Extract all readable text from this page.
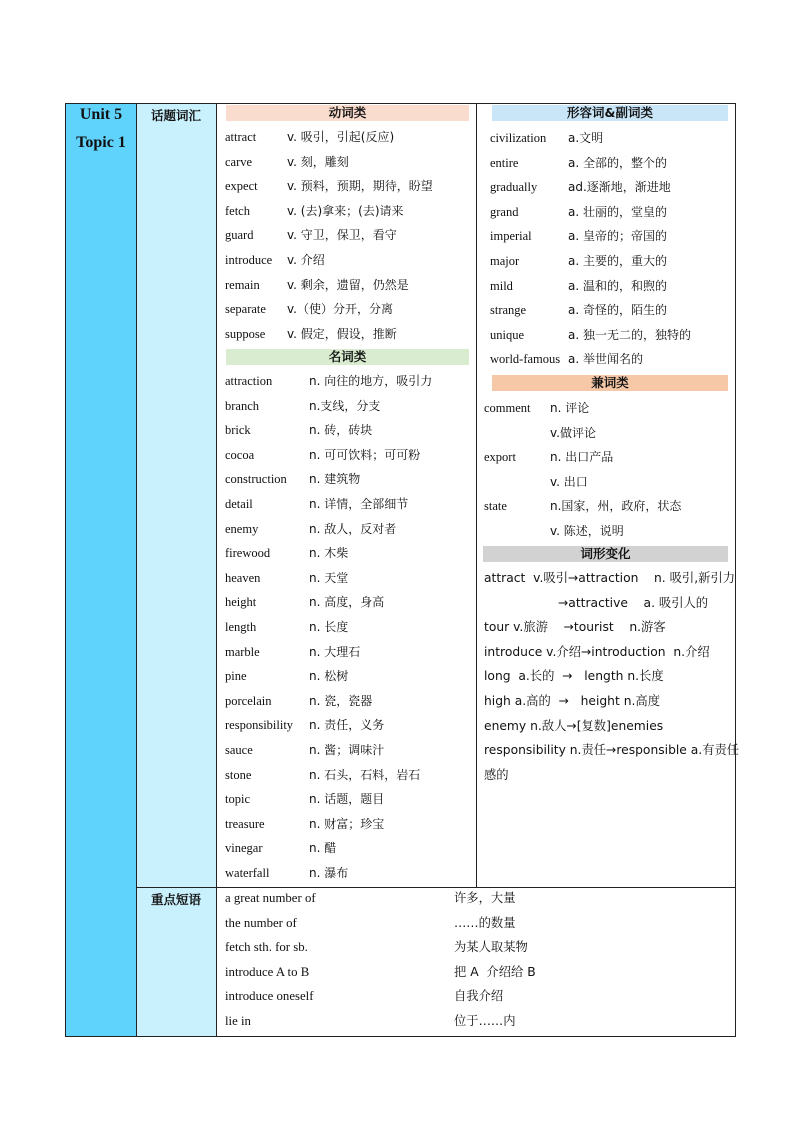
Unit 5
Topic 1
话题词汇
重点短语
动词类
名词类
形容词&副词类
兼词类
词形变化
attract	v. 吸引，引起(反应)
carve	v. 刻，雕刻
expect v. 预料，预期，期待，盼望
fetch	v. (去)拿来；(去)请来
guard	v. 守卫，保卫，看守
introduce v. 介绍
remain v. 剩余，遗留，仍然是
separate v.（使）分开，分离
suppose v. 假定，假设，推断
attraction	n. 向往的地方，吸引力
branch	n.支线，分支
brick	n. 砖，砖块
cocoa	n. 可可饮料；可可粉
construction n. 建筑物
detail	n. 详情，全部细节
enemy	n. 敌人，反对者
firewood	n. 木柴
heaven	n. 天堂
height	n. 高度，身高
length	n. 长度
marble	n. 大理石
pine	n. 松树
porcelain	n. 瓷，瓷器
responsibility n. 责任，义务
sauce	n. 酱；调味汁
stone	n. 石头，石料，岩石
topic	n. 话题，题目
treasure	n. 财富；珍宝
vinegar	n. 醋
waterfall	n. 瀑布
civilization a.文明
entire	a. 全部的，整个的
gradually	ad.逐渐地，渐进地
grand	a. 壮丽的，堂皇的
imperial	a. 皇帝的；帝国的
major	a. 主要的，重大的
mild	a. 温和的，和煦的
strange	a. 奇怪的，陌生的
unique	a. 独一无二的，独特的
world-famous a. 举世闻名的
comment n. 评论
v.做评论
export	n. 出口产品
v. 出口
state	n.国家，州，政府，状态
v. 陈述，说明
attract  v.吸引→attraction    n. 吸引,新引力
→attractive    a. 吸引人的
tour v.旅游    →tourist    n.游客
introduce v.介绍→introduction  n.介绍
long  a.长的  →   length n.长度
high a.高的  →   height n.高度
enemy n.敌人→[复数]enemies
responsibility n.责任→responsible a.有责任
感的
a great number of	许多，大量
the number of	……的数量
fetch sth. for sb.	为某人取某物
introduce A to B	把 A  介绍给 B
introduce oneself	自我介绍
lie in	位于……内
